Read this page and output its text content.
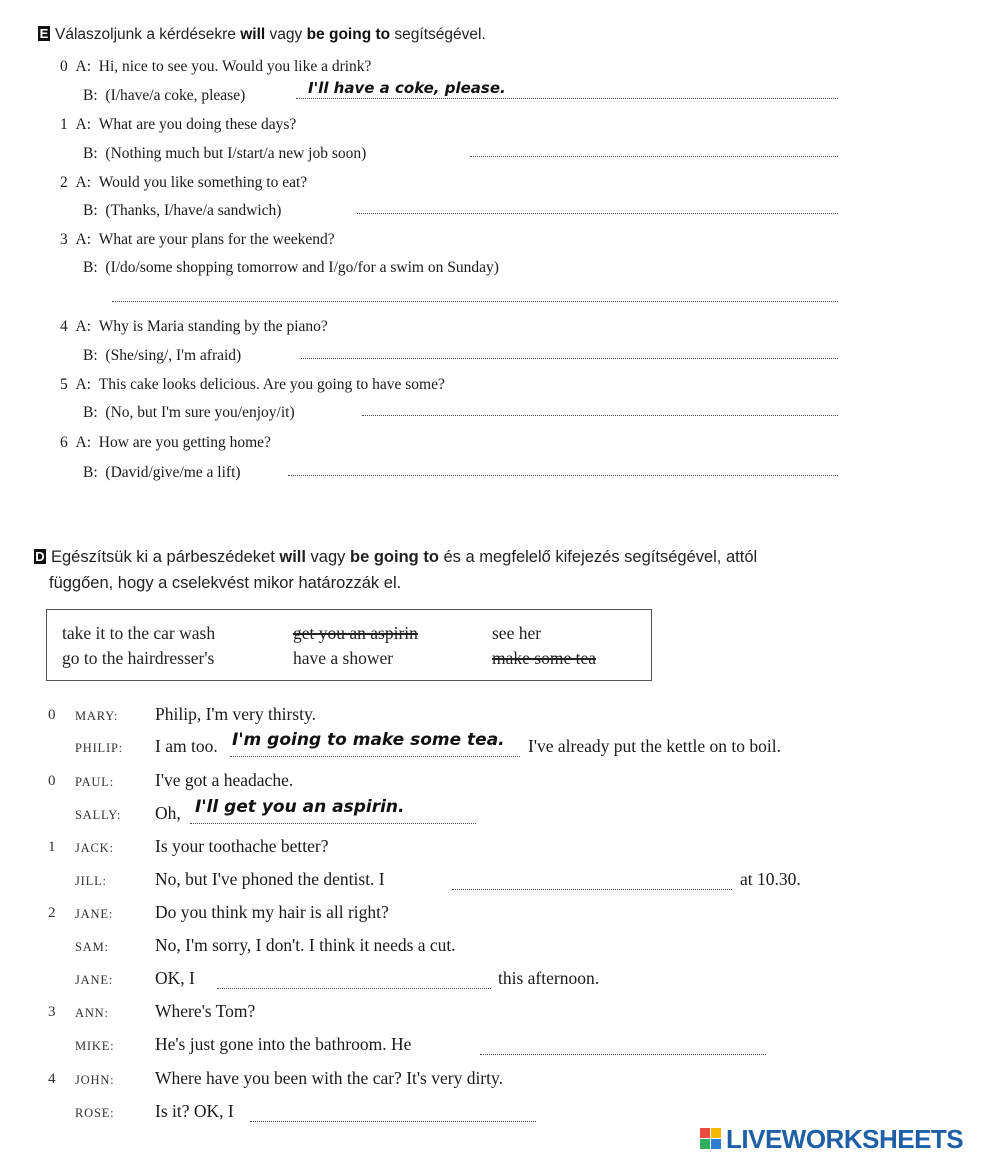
E Válaszoljunk a kérdésekre will vagy be going to segítségével.
0 A: Hi, nice to see you. Would you like a drink?
B: (I/have/a coke, please)	I'll have a coke, please.
1 A: What are you doing these days?
B: (Nothing much but I/start/a new job soon)
2 A: Would you like something to eat?
B: (Thanks, I/have/a sandwich)
3 A: What are your plans for the weekend?
B: (I/do/some shopping tomorrow and I/go/for a swim on Sunday)
4 A: Why is Maria standing by the piano?
B: (She/sing/, I'm afraid)
5 A: This cake looks delicious. Are you going to have some?
B: (No, but I'm sure you/enjoy/it)
6 A: How are you getting home?
B: (David/give/me a lift)
D Egészítsük ki a párbeszédeket will vagy be going to és a megfelelő kifejezés segítségével, attól
függően, hogy a cselekvést mikor határozzák el.
take it to the car wash	get you an aspirin	see her
go to the hairdresser's	have a shower	make some tea
0 MARY: Philip, I'm very thirsty.
PHILIP: I am too. I'm going to make some tea. I've already put the kettle on to boil.
0 PAUL: I've got a headache.
SALLY: Oh, I'll get you an aspirin.
1 JACK: Is your toothache better?
JILL:	No, but I've phoned the dentist. I	at 10.30.
2 JANE: Do you think my hair is all right?
SAM:	No, I'm sorry, I don't. I think it needs a cut.
JANE: OK, I	this afternoon.
3 ANN:	Where's Tom?
MIKE: He's just gone into the bathroom. He
4 JOHN: Where have you been with the car? It's very dirty.
ROSE: Is it? OK, I
LIVEWORKSHEETS
